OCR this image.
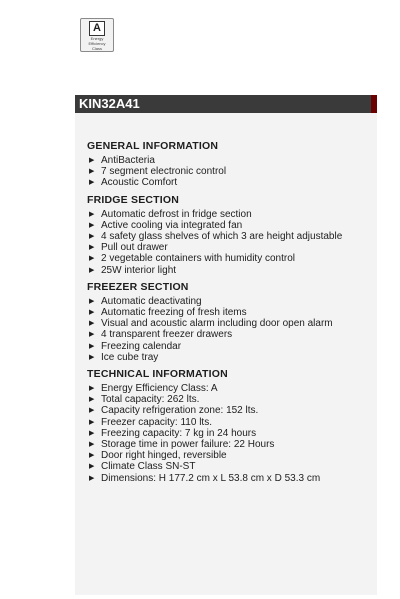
A
Energy
Efficiency
Class
KIN32A41
GENERAL INFORMATION
▶ AntiBacteria
▶ 7 segment electronic control
▶ Acoustic Comfort
FRIDGE SECTION
▶ Automatic defrost in fridge section
▶ Active cooling via integrated fan
▶ 4 safety glass shelves of which 3 are height adjustable
▶ Pull out drawer
▶ 2 vegetable containers with humidity control
▶ 25W interior light
FREEZER SECTION
▶ Automatic deactivating
▶ Automatic freezing of fresh items
▶ Visual and acoustic alarm including door open alarm
▶ 4 transparent freezer drawers
▶ Freezing calendar
▶ Ice cube tray
TECHNICAL INFORMATION
▶ Energy Efficiency Class: A
▶ Total capacity: 262 lts.
▶ Capacity refrigeration zone: 152 lts.
▶ Freezer capacity: 110 lts.
▶ Freezing capacity: 7 kg in 24 hours
▶ Storage time in power failure: 22 Hours
▶ Door right hinged, reversible
▶ Climate Class SN-ST
▶ Dimensions: H 177.2 cm x L 53.8 cm x D 53.3 cm
